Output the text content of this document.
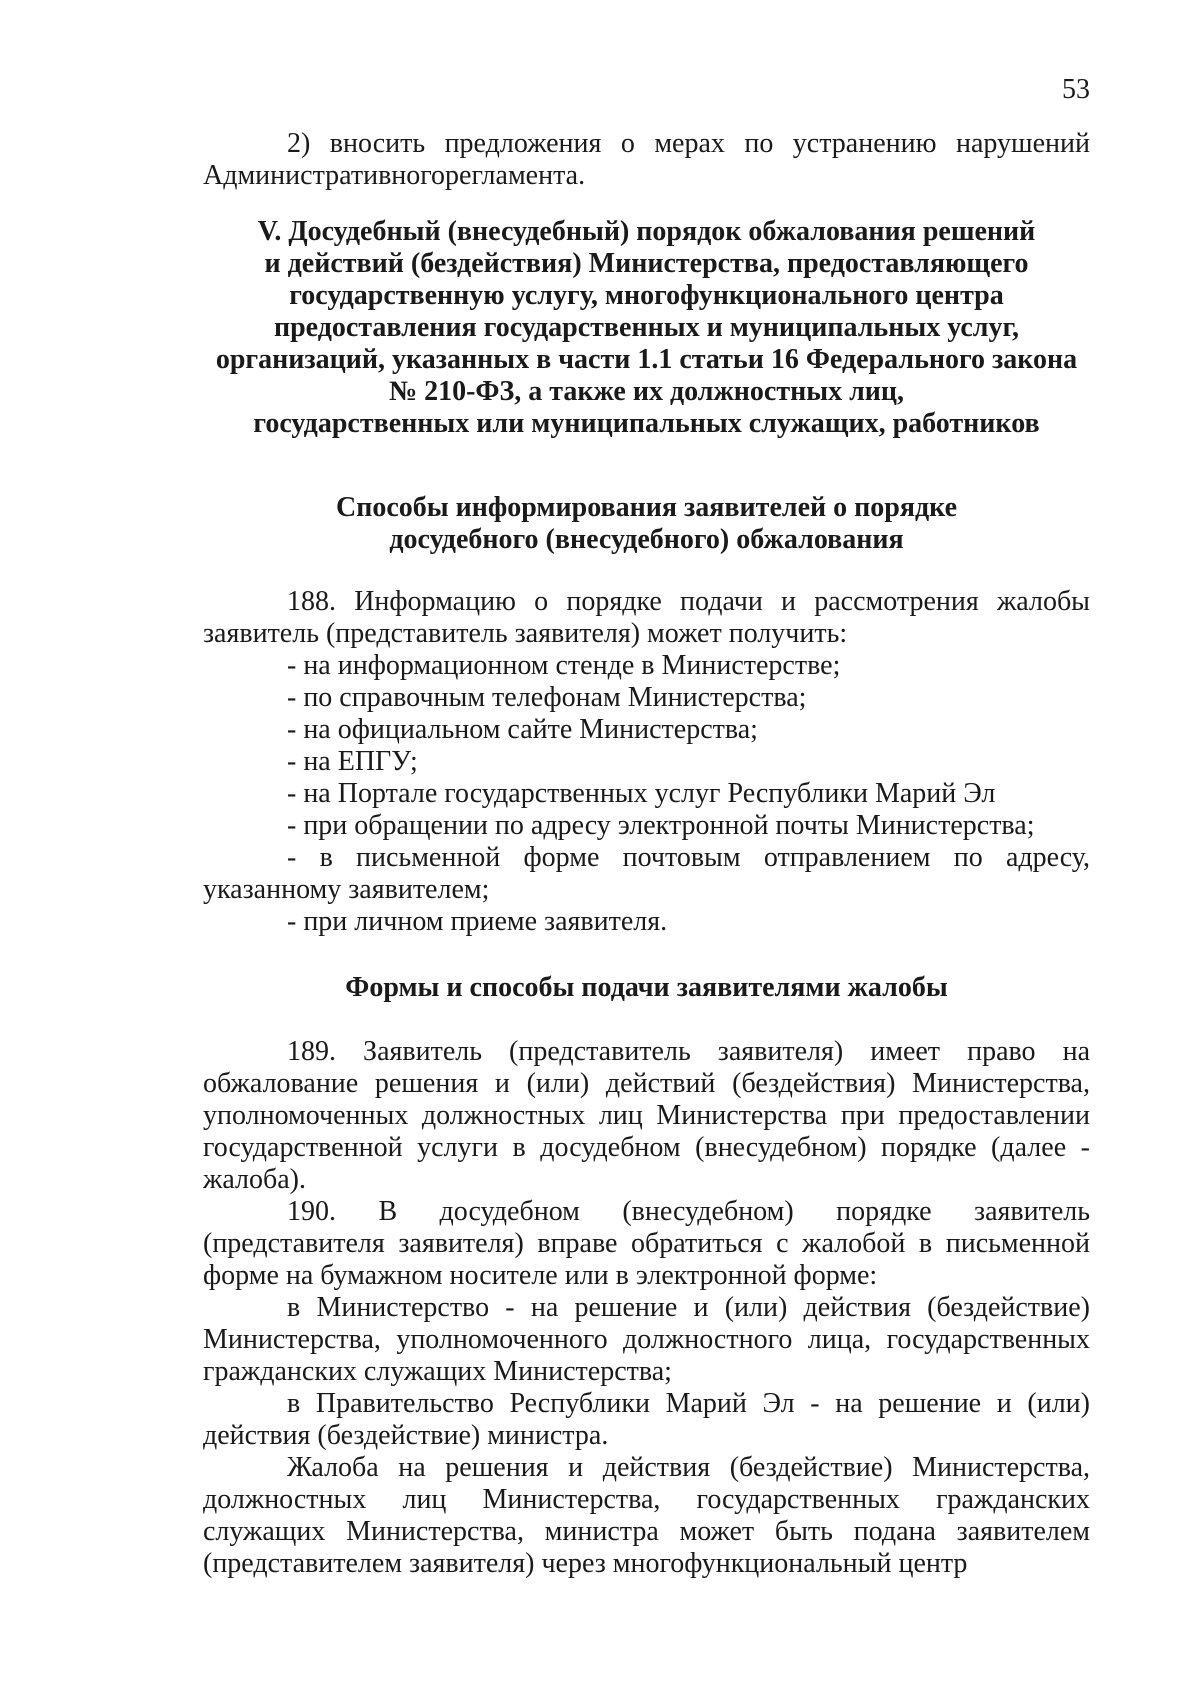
53

2) вносить предложения о мерах по устранению нарушений Административногорегламента.

V. Досудебный (внесудебный) порядок обжалования решений

и действий (бездействия) Министерства, предоставляющего

государственную услугу, многофункционального центра

предоставления государственных и муниципальных услуг,

организаций, указанных в части 1.1 статьи 16 Федерального закона

№ 210-ФЗ, а также их должностных лиц,

государственных или муниципальных служащих, работников

Способы информирования заявителей о порядке

досудебного (внесудебного) обжалования

188. Информацию о порядке подачи и рассмотрения жалобы заявитель (представитель заявителя) может получить:

- на информационном стенде в Министерстве;

- по справочным телефонам Министерства;

- на официальном сайте Министерства;

- на ЕПГУ;

- на Портале государственных услуг Республики Марий Эл

- при обращении по адресу электронной почты Министерства;

- в письменной форме почтовым отправлением по адресу, указанному заявителем;

- при личном приеме заявителя.

Формы и способы подачи заявителями жалобы

189. Заявитель (представитель заявителя) имеет право на обжалование решения и (или) действий (бездействия) Министерства, уполномоченных должностных лиц Министерства при предоставлении государственной услуги в досудебном (внесудебном) порядке (далее - жалоба).

190. В досудебном (внесудебном) порядке заявитель (представителя заявителя) вправе обратиться с жалобой в письменной форме на бумажном носителе или в электронной форме:

в Министерство - на решение и (или) действия (бездействие) Министерства, уполномоченного должностного лица, государственных гражданских служащих Министерства;

в Правительство Республики Марий Эл - на решение и (или) действия (бездействие) министра.

Жалоба на решения и действия (бездействие) Министерства, должностных лиц Министерства, государственных гражданских служащих Министерства, министра может быть подана заявителем (представителем заявителя) через многофункциональный центр
